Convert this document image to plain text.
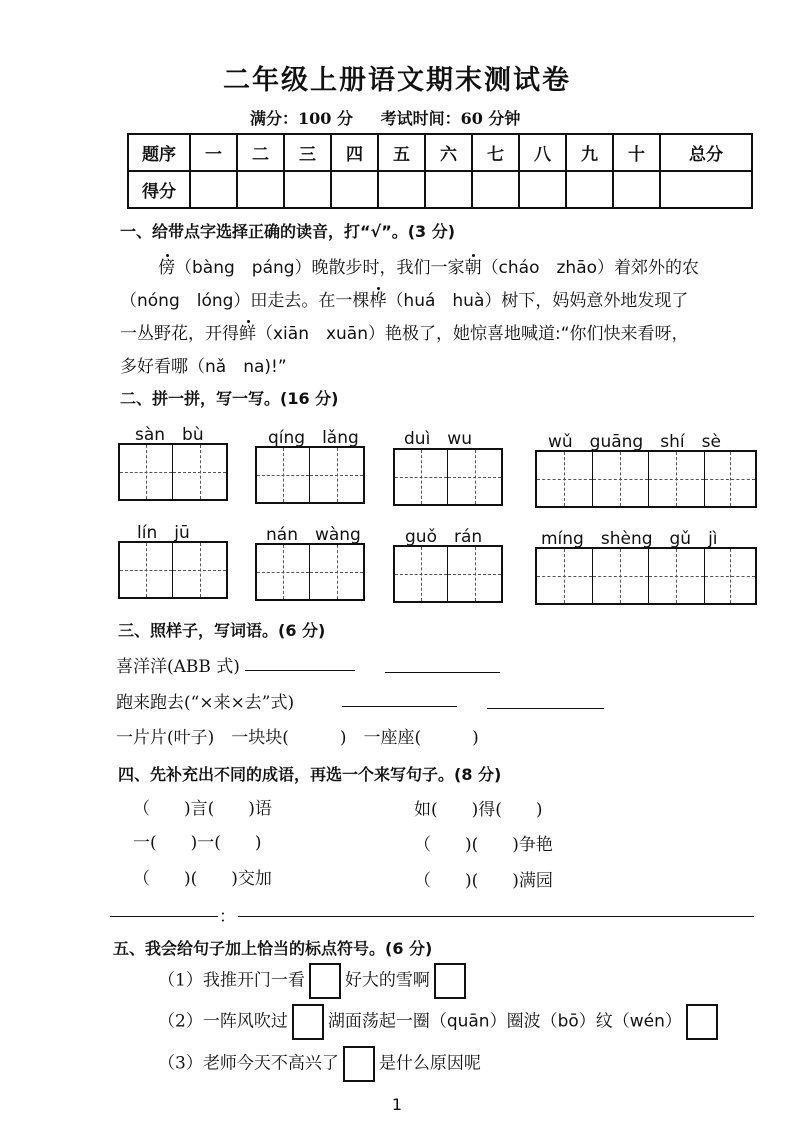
二年级上册语文期末测试卷
满分：100 分 考试时间：60 分钟
题序	一	二	三	四	五	六	七	八	九	十	总分
得分											
一、给带点字选择正确的读音，打“√”。(3 分)
傍（bàng　páng）晚散步时，我们一家朝（cháo　zhāo）着郊外的农
（nóng　lóng）田走去。在一棵桦（huá　huà）树下，妈妈意外地发现了
一丛野花，开得鲜（xiān　xuān）艳极了，她惊喜地喊道:“你们快来看呀，
多好看哪（nǎ　na)!”
二、拼一拼，写一写。(16 分)
sàn　bù	qíng　lǎng	duì　wu	wǔ　guāng　shí　sè
lín　jū	nán　wàng	guǒ　rán	míng　shèng　gǔ　jì
三、照样子，写词语。(6 分)
喜洋洋(ABB 式)
跑来跑去(“×来×去”式)
一片片(叶子)　一块块(　　　)　一座座(　　　)
四、先补充出不同的成语，再选一个来写句子。(8 分)
（　　)言(　　)语
一(　　)一(　　)
（　　)(　　)交加
如(　　)得(　　)
（　　)(　　)争艳
（　　)(　　)满园
：
五、我会给句子加上恰当的标点符号。(6 分)
（1）我推开门一看 好大的雪啊
（2）一阵风吹过 湖面荡起一圈（quān）圈波（bō）纹（wén）
（3）老师今天不高兴了 是什么原因呢
1
